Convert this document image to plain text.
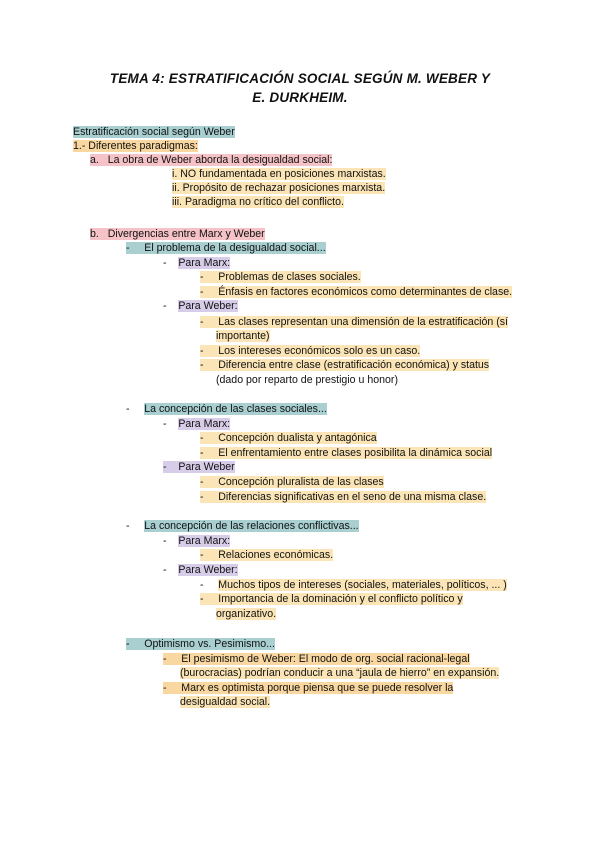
TEMA 4: ESTRATIFICACIÓN SOCIAL SEGÚN M. WEBER Y
E. DURKHEIM.
Estratificación social según Weber
1.- Diferentes paradigmas:
a. La obra de Weber aborda la desigualdad social:
i. NO fundamentada en posiciones marxistas.
ii. Propósito de rechazar posiciones marxista.
iii. Paradigma no crítico del conflicto.
b. Divergencias entre Marx y Weber
- El problema de la desigualdad social...
- Para Marx:
- Problemas de clases sociales.
- Énfasis en factores económicos como determinantes de clase.
- Para Weber:
- Las clases representan una dimensión de la estratificación (sí
importante)
- Los intereses económicos solo es un caso.
- Diferencia entre clase (estratificación económica) y status
(dado por reparto de prestigio u honor)
- La concepción de las clases sociales...
- Para Marx:
- Concepción dualista y antagónica
- El enfrentamiento entre clases posibilita la dinámica social
- Para Weber
- Concepción pluralista de las clases
- Diferencias significativas en el seno de una misma clase.
- La concepción de las relaciones conflictivas...
- Para Marx:
- Relaciones económicas.
- Para Weber:
- Muchos tipos de intereses (sociales, materiales, políticos, ... )
- Importancia de la dominación y el conflicto político y
organizativo.
- Optimismo vs. Pesimismo...
- El pesimismo de Weber: El modo de org. social racional-legal
(burocracias) podrían conducir a una “jaula de hierro” en expansión.
- Marx es optimista porque piensa que se puede resolver la
desigualdad social.
